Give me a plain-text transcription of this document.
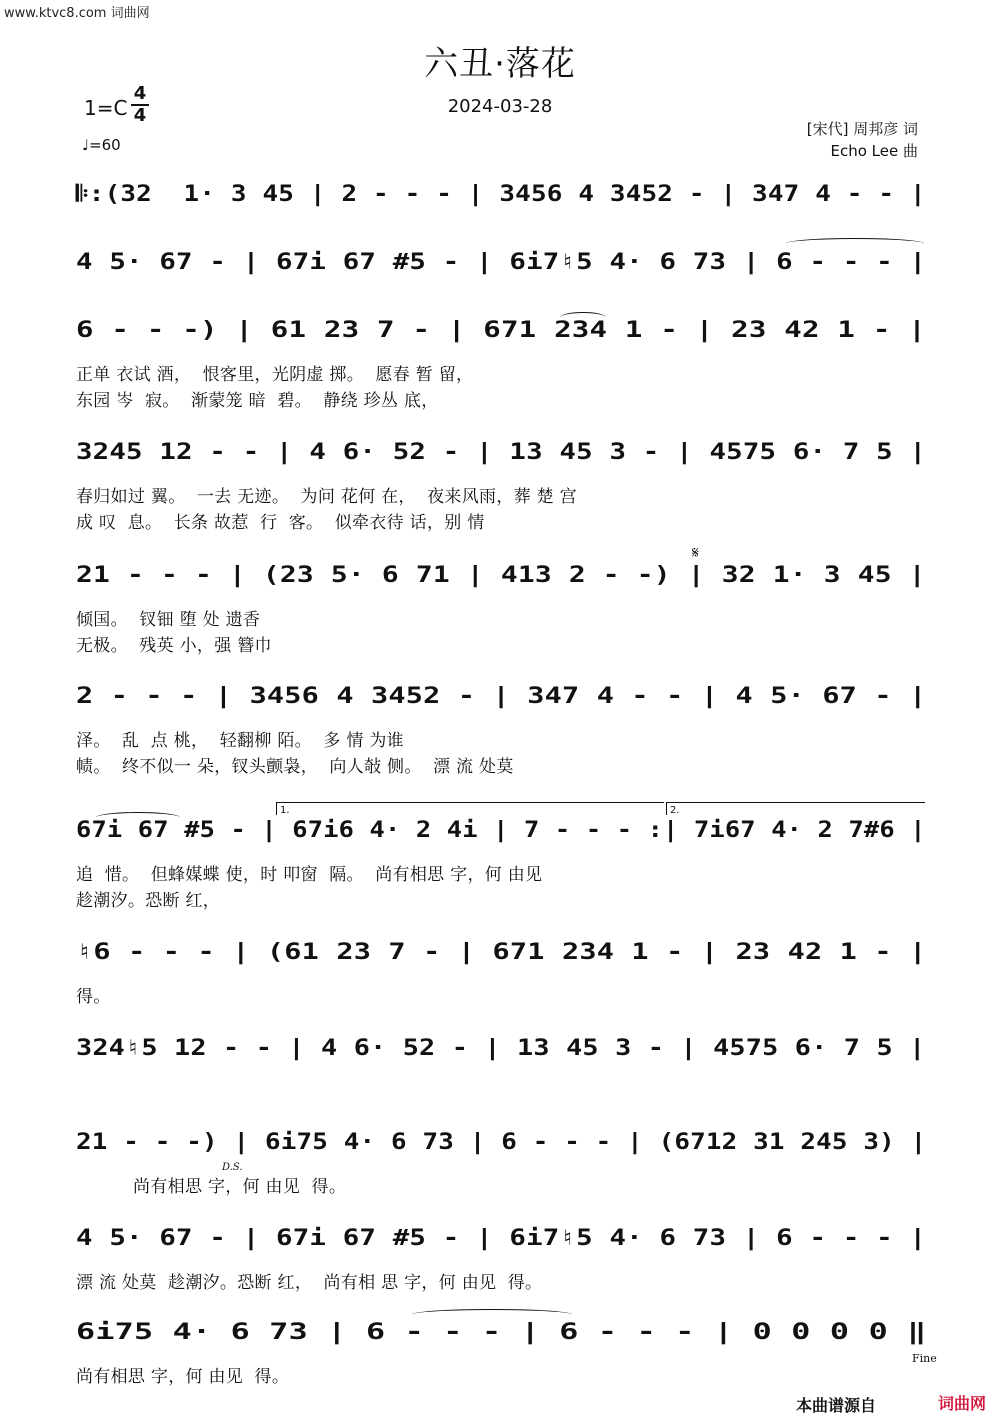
www.ktvc8.com 词曲网
六丑·落花
2024-03-28
1=C
4
4
♩=60
[宋代] 周邦彦 词
Echo Lee 曲
𝄋
1.	2.
D.S.
Fine
𝄆:(32  1· 3 45 | 2 - - - | 3456 4 3452 - | 347 4 - - |
4 5· 67 - | 67i 67 #5 - | 6i7♮5 4· 6 73 | 6 - - - |
6 - - -) | 61 23 7 - | 671 234 1 - | 23 42 1 - |
正单 衣试 酒，  恨客里，光阴虚 掷。  愿春 暂 留，
东园 岑  寂。  渐蒙笼 暗  碧。  静绕 珍丛 底，
3245 12 - - | 4 6· 52 - | 13 45 3 - | 4575 6· 7 5 |
春归如过 翼。  一去 无迹。  为问 花何 在，  夜来风雨，葬 楚 宫
成 叹  息。  长条 故惹  行  客。  似牵衣待 话，别 情
21 - - - | (23 5· 6 71 | 413 2 - -) | 32 1· 3 45 |
倾国。  钗钿 堕 处 遗香
无极。  残英 小，强 簪巾
2 - - - | 3456 4 3452 - | 347 4 - - | 4 5· 67 - |
泽。  乱  点 桃，  轻翻柳 陌。  多 情 为谁
帻。  终不似一 朵，钗头颤袅，  向人敧 侧。  漂 流 处莫
67i 67 #5 - | 67i6 4· 2 4i | 7 - - - :| 7i67 4· 2 7#6 |
追  惜。  但蜂媒蝶 使，时 叩窗  隔。  尚有相思 字，何 由见
趁潮汐。恐断 红，
♮6 - - - | (61 23 7 - | 671 234 1 - | 23 42 1 - |
得。
324♮5 12 - - | 4 6· 52 - | 13 45 3 - | 4575 6· 7 5 |
21 - - -) | 6i75 4· 6 73 | 6 - - - | (6712 31 245 3) |
尚有相思 字，何 由见  得。
4 5· 67 - | 67i 67 #5 - | 6i7♮5 4· 6 73 | 6 - - - |
漂 流 处莫  趁潮汐。恐断 红，  尚有相 思 字，何 由见  得。
6i75 4· 6 73 | 6 - - - | 6 - - - | 0 0 0 0 ‖
尚有相思 字，何 由见  得。
本曲谱源自	词曲网
